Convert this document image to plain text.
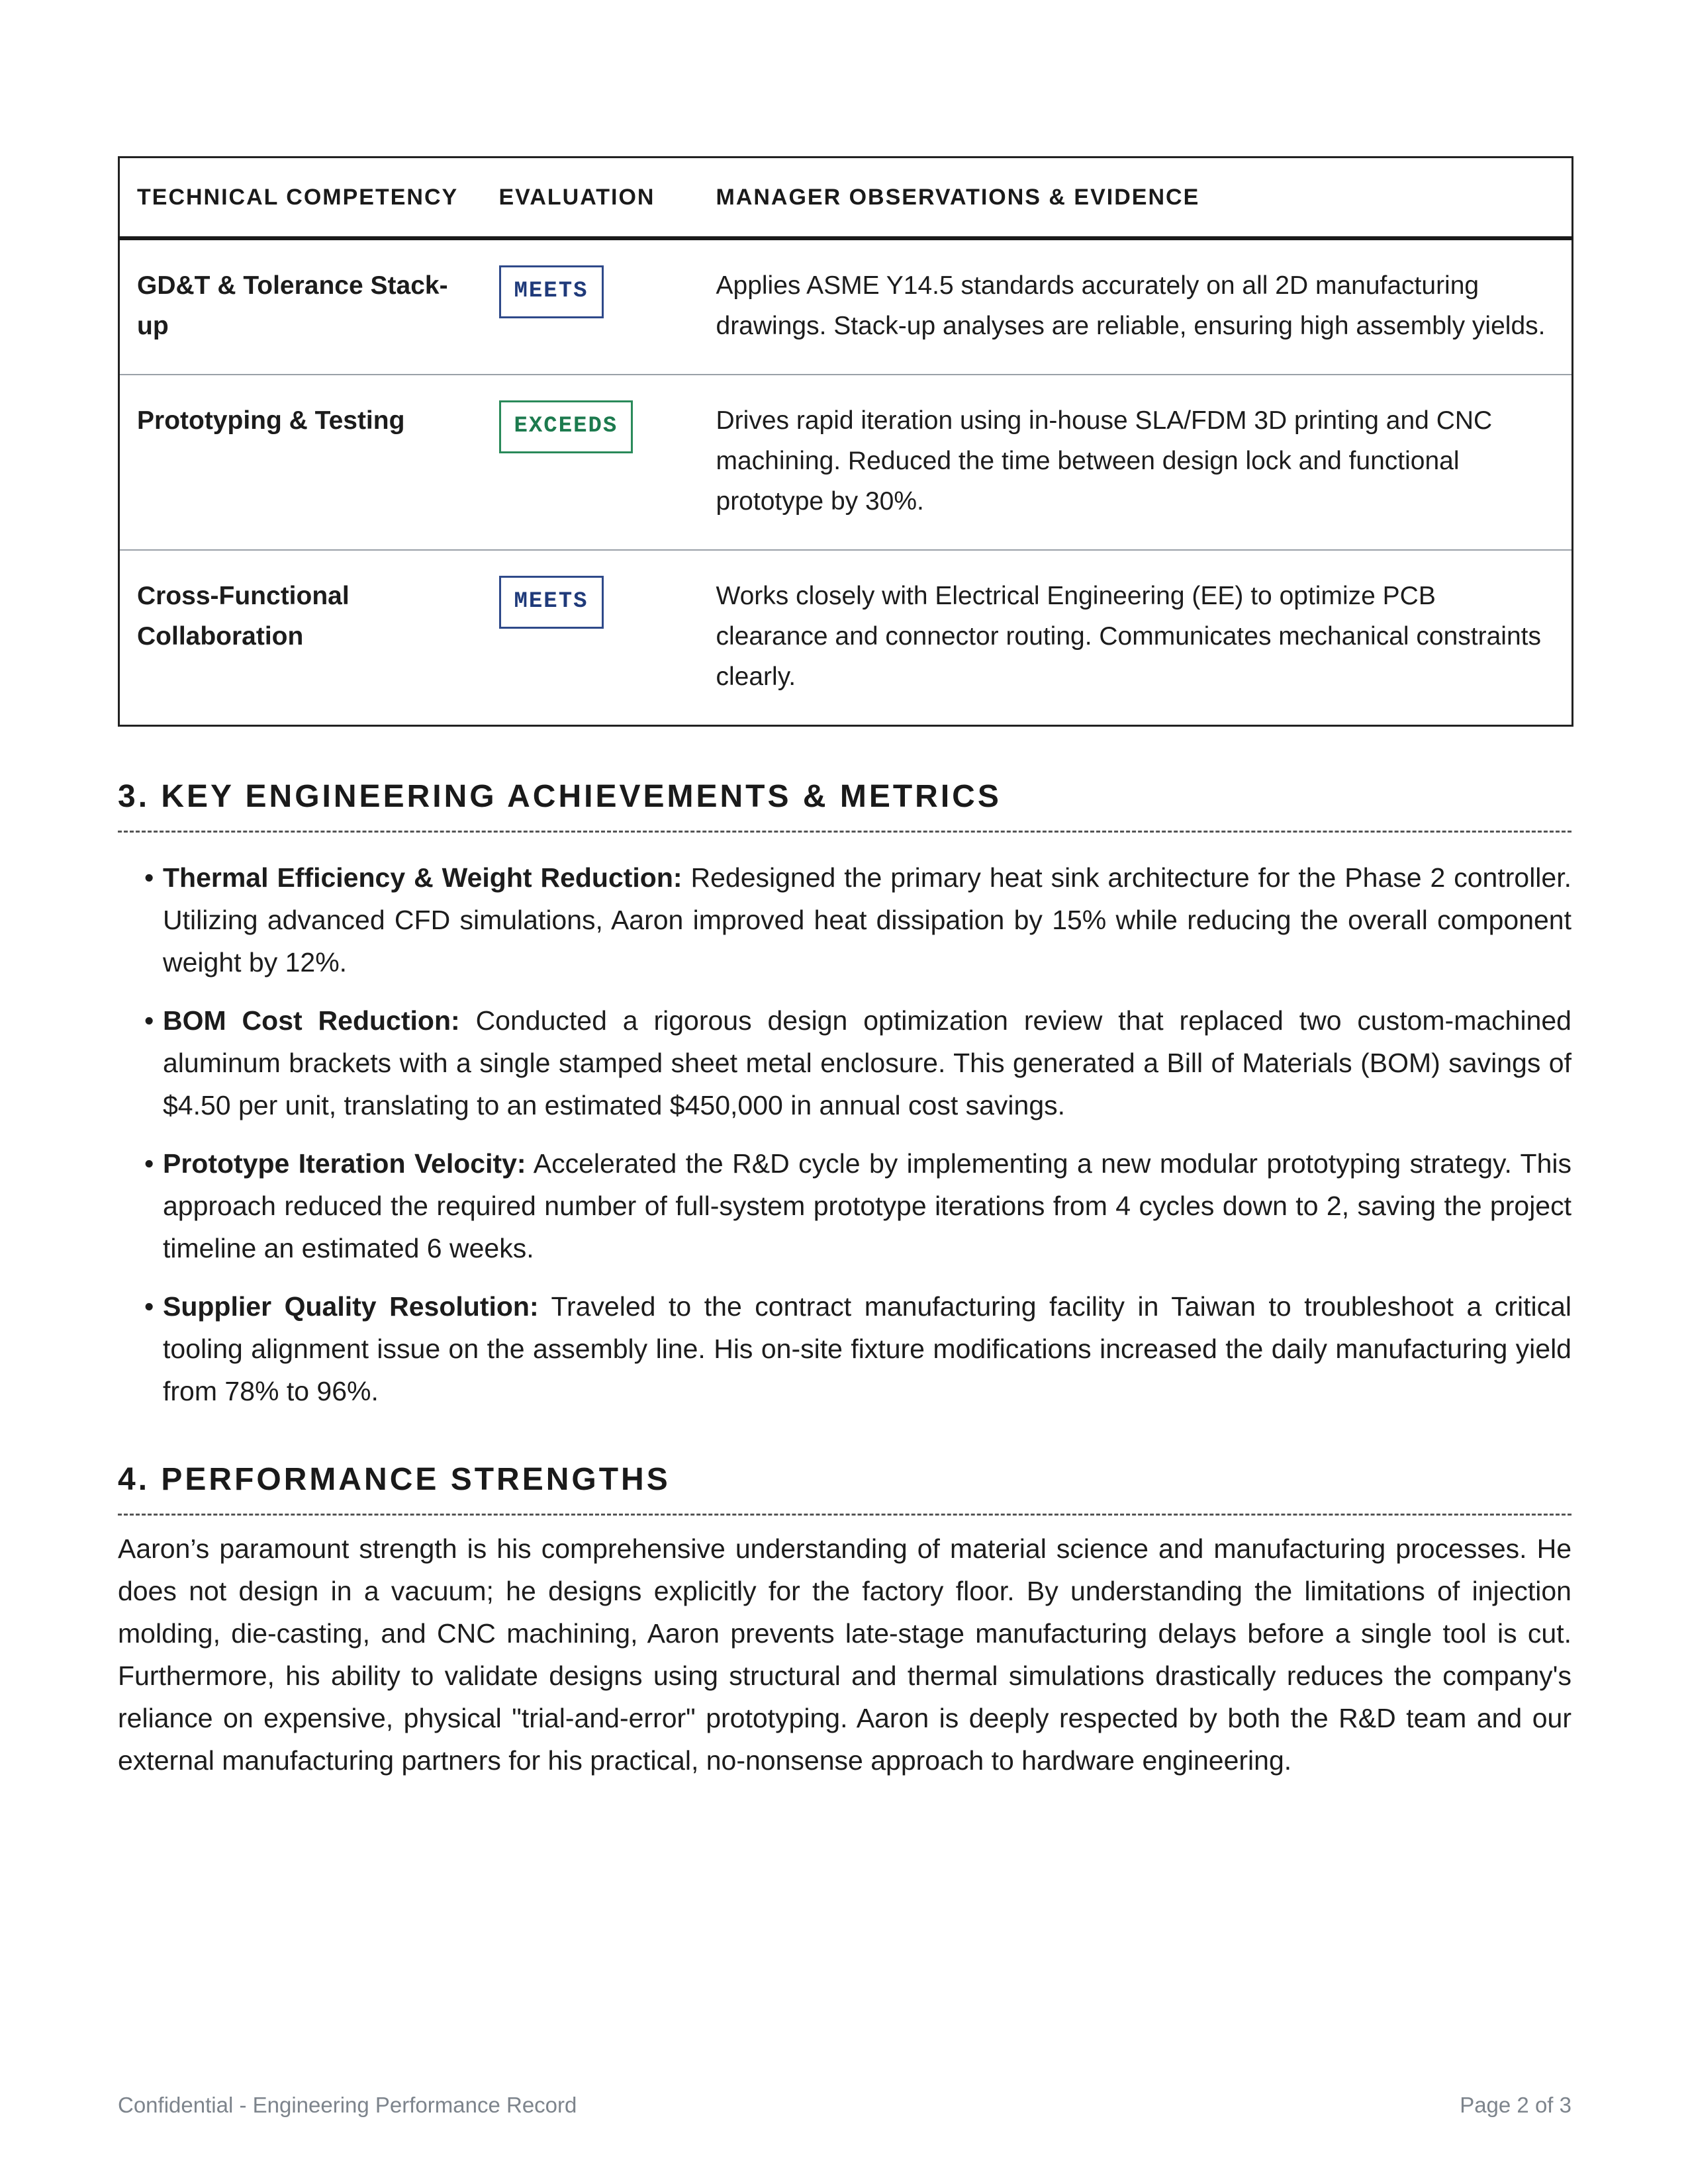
TECHNICAL COMPETENCY	EVALUATION	MANAGER OBSERVATIONS & EVIDENCE
GD&T & Tolerance Stack-up	MEETS	Applies ASME Y14.5 standards accurately on all 2D manufacturing drawings. Stack-up analyses are reliable, ensuring high assembly yields.
Prototyping & Testing	EXCEEDS	Drives rapid iteration using in-house SLA/FDM 3D printing and CNC machining. Reduced the time between design lock and functional prototype by 30%.
Cross-Functional Collaboration	MEETS	Works closely with Electrical Engineering (EE) to optimize PCB clearance and connector routing. Communicates mechanical constraints clearly.
3. KEY ENGINEERING ACHIEVEMENTS & METRICS
• Thermal Efficiency & Weight Reduction: Redesigned the primary heat sink architecture for the Phase 2 controller. Utilizing advanced CFD simulations, Aaron improved heat dissipation by 15% while reducing the overall component weight by 12%.
• BOM Cost Reduction: Conducted a rigorous design optimization review that replaced two custom-machined aluminum brackets with a single stamped sheet metal enclosure. This generated a Bill of Materials (BOM) savings of $4.50 per unit, translating to an estimated $450,000 in annual cost savings.
• Prototype Iteration Velocity: Accelerated the R&D cycle by implementing a new modular prototyping strategy. This approach reduced the required number of full-system prototype iterations from 4 cycles down to 2, saving the project timeline an estimated 6 weeks.
• Supplier Quality Resolution: Traveled to the contract manufacturing facility in Taiwan to troubleshoot a critical tooling alignment issue on the assembly line. His on-site fixture modifications increased the daily manufacturing yield from 78% to 96%.
4. PERFORMANCE STRENGTHS

Aaron’s paramount strength is his comprehensive understanding of material science and manufacturing processes. He does not design in a vacuum; he designs explicitly for the factory floor. By understanding the limitations of injection molding, die-casting, and CNC machining, Aaron prevents late-stage manufacturing delays before a single tool is cut. Furthermore, his ability to validate designs using structural and thermal simulations drastically reduces the company's reliance on expensive, physical "trial-and-error" prototyping. Aaron is deeply respected by both the R&D team and our external manufacturing partners for his practical, no-nonsense approach to hardware engineering.

Confidential - Engineering Performance Record	Page 2 of 3
